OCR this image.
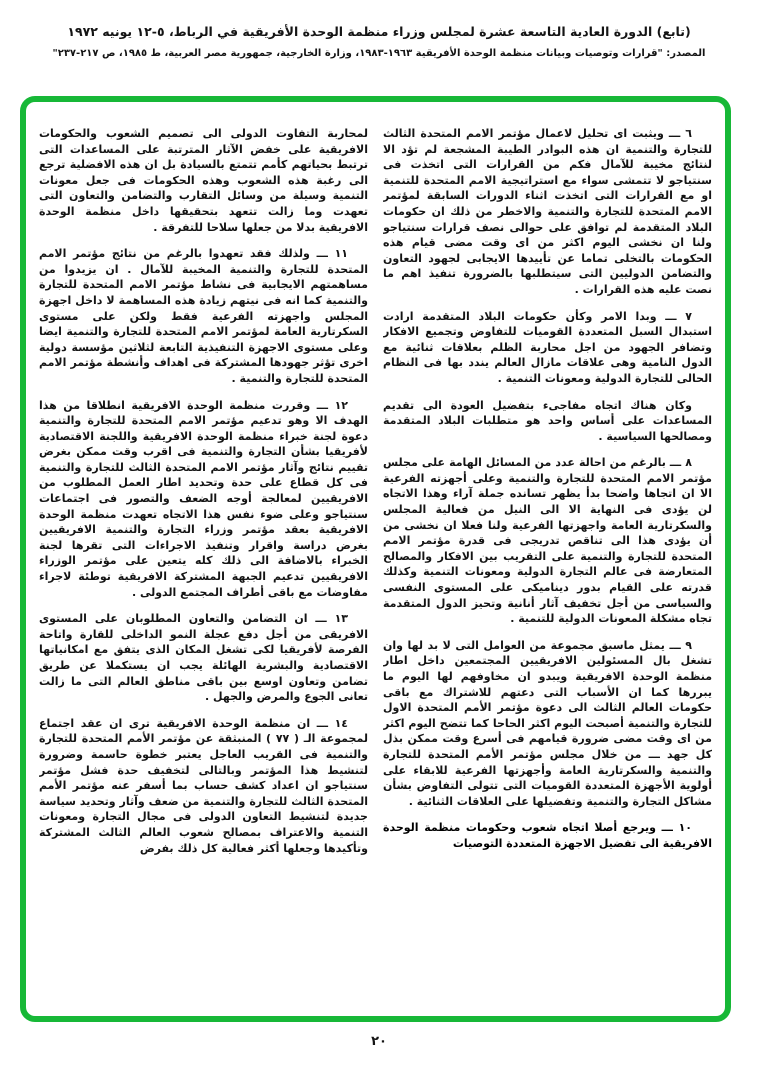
(تابع) الدورة العادية التاسعة عشرة لمجلس وزراء منظمة الوحدة الأفريقية في الرباط، ٥-١٢ يونيه ١٩٧٢
المصدر: "قرارات وتوصيات وبيانات منظمة الوحدة الأفريقية ١٩٦٣-١٩٨٣، وزارة الخارجية، جمهورية مصر العربية، ط ١٩٨٥، ص ٢١٧-٢٣٧"

٦ ـــ ويثبت اى تحليل لاعمال مؤتمر الامم المتحدة الثالث للتجارة والتنمية ان هذه البوادر الطيبة المشجعة لم تؤد الا لنتائج مخيبة للآمال فكم من القرارات التى اتخذت فى سنتياجو لا تتمشى سواء مع استراتيجية الامم المتحدة للتنمية او مع القرارات التى اتخذت اثناء الدورات السابقة لمؤتمر الامم المتحدة للتجارة والتنمية والاخطر من ذلك ان حكومات البلاد المتقدمة لم توافق على حوالى نصف قرارات سنتياجو ولنا ان نخشى اليوم اكثر من اى وقت مضى قيام هذه الحكومات بالتخلى تماما عن تأييدها الايجابى لجهود التعاون والتضامن الدوليين التى سيتطلبها بالضرورة تنفيذ اهم ما نصت عليه هذه القرارات .

٧ ـــ وبدا الامر وكأن حكومات البلاد المتقدمة ارادت استبدال السبل المتعددة القوميات للتفاوض وتجميع الافكار وتضافر الجهود من اجل محاربة الظلم بعلاقات ثنائية مع الدول النامية وهى علاقات مازال العالم يندد بها فى النظام الحالى للتجارة الدولية ومعونات التنمية .

وكان هناك اتجاه مفاجىء بتفضيل العودة الى تقديم المساعدات على أساس واحد هو متطلبات البلاد المتقدمة ومصالحها السياسية .

٨ ـــ بالرغم من احالة عدد من المسائل الهامة على مجلس مؤتمر الامم المتحدة للتجارة والتنمية وعلى أجهزته الفرعية الا ان اتجاها واضحا بدأ يظهر تسانده جملة آراء وهذا الاتجاه لن يؤدى فى النهاية الا الى النيل من فعالية المجلس والسكرتارية العامة واجهزتها الفرعية ولنا فعلا ان نخشى من أن يؤدى هذا الى تناقص تدريجى فى قدرة مؤتمر الامم المتحدة للتجارة والتنمية على التقريب بين الافكار والمصالح المتعارضة فى عالم التجارة الدولية ومعونات التنمية وكذلك قدرته على القيام بدور ديناميكى على المستوى النفسى والسياسى من أجل تخفيف آثار أنانية وتحيز الدول المتقدمة تجاه مشكلة المعونات الدولية للتنمية .

٩ ـــ يمثل ماسبق مجموعة من العوامل التى لا بد لها وان تشغل بال المسئولين الافريقيين المجتمعين داخل اطار منظمة الوحدة الافريقية ويبدو ان مخاوفهم لها اليوم ما يبررها كما ان الأسباب التى دعتهم للاشتراك مع باقى حكومات العالم الثالث الى دعوة مؤتمر الأمم المتحدة الاول للتجارة والتنمية أصبحت اليوم اكثر الحاحا كما تتضح اليوم اكثر من اى وقت مضى ضرورة قيامهم فى أسرع وقت ممكن بذل كل جهد ـــ من خلال مجلس مؤتمر الأمم المتحدة للتجارة والتنمية والسكرتارية العامة وأجهزتها الفرعية للابقاء على أولوية الأجهزة المتعددة القوميات التى تتولى التفاوض بشأن مشاكل التجارة والتنمية وتفضيلها على العلاقات الثنائية .

١٠ ـــ ويرجع أصلا اتجاه شعوب وحكومات منظمة الوحدة الافريقية الى تفضيل الاجهزة المتعددة التوصيات

لمحاربة التفاوت الدولى الى تصميم الشعوب والحكومات الافريقية على خفض الآثار المترتبة على المساعدات التى ترتبط بحياتهم كأمم تتمتع بالسيادة بل ان هذه الافضلية ترجع الى رغبة هذه الشعوب وهذه الحكومات فى جعل معونات التنمية وسيلة من وسائل التقارب والتضامن والتعاون التى تعهدت وما زالت تتعهد بتحقيقها داخل منظمة الوحدة الافريقية بدلا من جعلها سلاحا للتفرقة .

١١ ـــ ولذلك فقد تعهدوا بالرغم من نتائج مؤتمر الامم المتحدة للتجارة والتنمية المخيبة للآمال . ان يزيدوا من مساهمتهم الايجابية فى نشاط مؤتمر الامم المتحدة للتجارة والتنمية كما انه فى نيتهم زيادة هذه المساهمة لا داخل اجهزة المجلس واجهزته الفرعية فقط ولكن على مستوى السكرتارية العامة لمؤتمر الامم المتحدة للتجارة والتنمية ايضا وعلى مستوى الاجهزة التنفيذية التابعة لثلاثين مؤسسة دولية اخرى تؤثر جهودها المشتركة فى اهداف وأنشطة مؤتمر الامم المتحدة للتجارة والتنمية .

١٢ ـــ وقررت منظمة الوحدة الافريقية انطلاقا من هذا الهدف الا وهو تدعيم مؤتمر الامم المتحدة للتجارة والتنمية دعوة لجنة خبراء منظمة الوحدة الافريقية واللجنة الاقتصادية لأفريقيا بشأن التجارة والتنمية فى اقرب وقت ممكن بغرض تقييم نتائج وآثار مؤتمر الامم المتحدة الثالث للتجارة والتنمية فى كل قطاع على حدة وتحديد اطار العمل المطلوب من الافريقيين لمعالجة أوجه الضعف والتصور فى اجتماعات سنتياجو وعلى ضوء نفس هذا الاتجاه تعهدت منظمة الوحدة الافريقية بعقد مؤتمر وزراء التجارة والتنمية الافريقيين بغرض دراسة واقرار وتنفيذ الاجراءات التى تقرها لجنة الخبراء بالاضافة الى ذلك كله يتعين على مؤتمر الوزراء الافريقيين تدعيم الجبهة المشتركة الافريقية توطئة لاجراء مفاوضات مع باقى أطراف المجتمع الدولى .

١٣ ـــ ان التضامن والتعاون المطلوبان على المستوى الافريقى من أجل دفع عجلة النمو الداخلى للقارة واتاحة الفرصة لأفريقيا لكى تشغل المكان الذى يتفق مع امكانياتها الاقتصادية والبشرية الهائلة يجب ان يستكملا عن طريق تضامن وتعاون اوسع بين باقى مناطق العالم التى ما زالت تعانى الجوع والمرض والجهل .

١٤ ـــ ان منظمة الوحدة الافريقية ترى ان عقد اجتماع لمجموعة الـ ( ٧٧ ) المنبثقة عن مؤتمر الأمم المتحدة للتجارة والتنمية فى القريب العاجل يعتبر خطوة حاسمة وضرورة لتنشيط هذا المؤتمر وبالتالى لتخفيف حدة فشل مؤتمر سنتياجو ان اعداد كشف حساب بما أسفر عنه مؤتمر الأمم المتحدة الثالث للتجارة والتنمية من ضعف وآثار وتحديد سياسة جديدة لتنشيط التعاون الدولى فى مجال التجارة ومعونات التنمية والاعتراف بمصالح شعوب العالم الثالث المشتركة وتأكيدها وجعلها أكثر فعالية كل ذلك بفرض

٢٠
